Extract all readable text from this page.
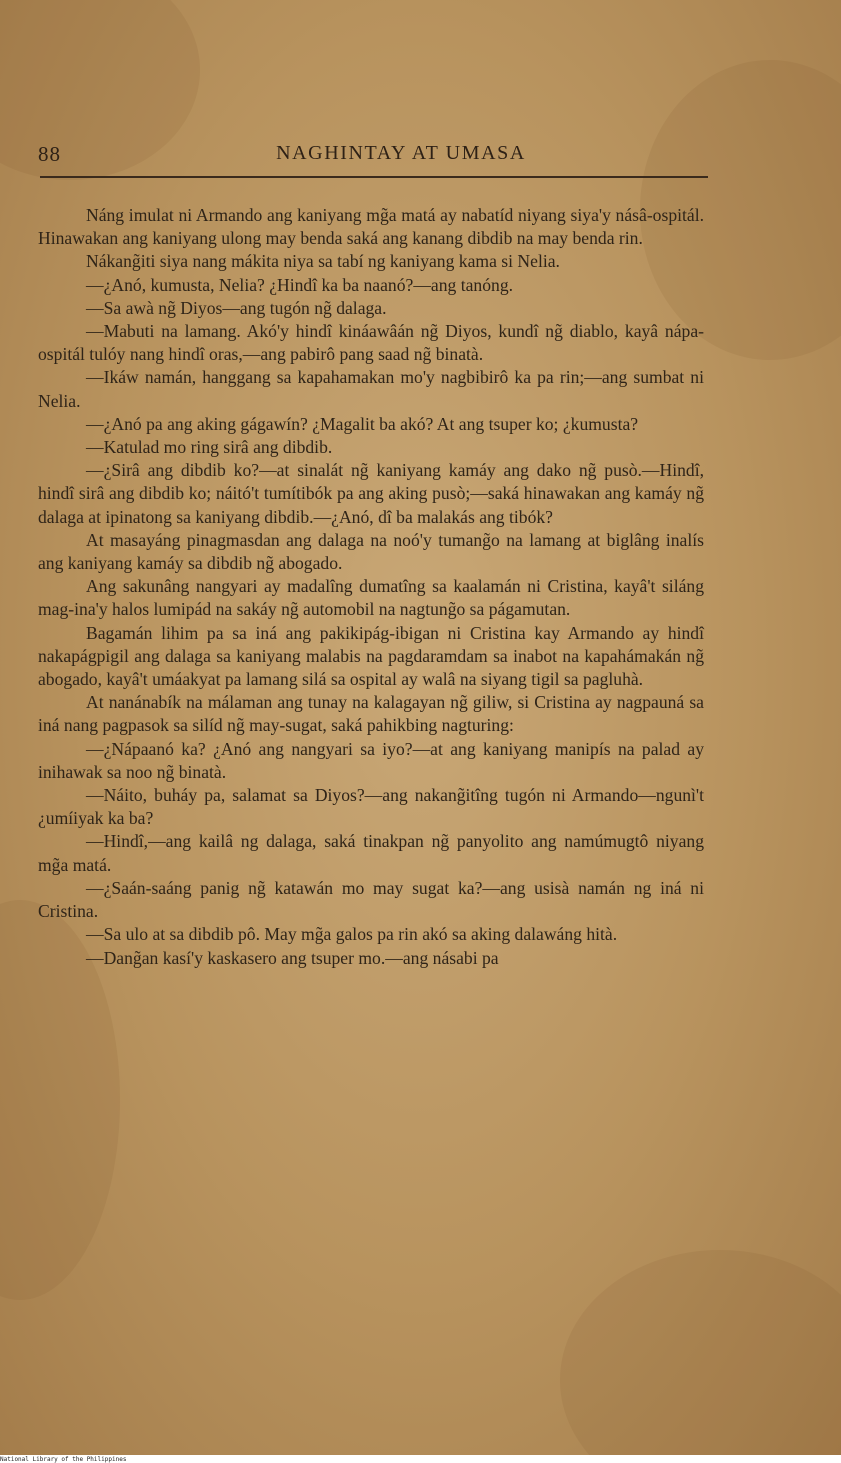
88	NAGHINTAY AT UMASA

Náng imulat ni Armando ang kaniyang mg̃a matá ay nabatíd niyang siya'y násâ-ospitál. Hinawakan ang kaniyang ulong may benda saká ang kanang dibdib na may benda rin.

Nákang̃iti siya nang mákita niya sa tabí ng kaniyang kama si Nelia.

—¿Anó, kumusta, Nelia? ¿Hindî ka ba naanó?—ang tanóng.

—Sa awà ng̃ Diyos—ang tugón ng̃ dalaga.

—Mabuti na lamang. Akó'y hindî kináawâán ng̃ Diyos, kundî ng̃ diablo, kayâ nápa-ospitál tulóy nang hindî oras,—ang pabirô pang saad ng̃ binatà.

—Ikáw namán, hanggang sa kapahamakan mo'y nagbibirô ka pa rin;—ang sumbat ni Nelia.

—¿Anó pa ang aking gágawín? ¿Magalit ba akó? At ang tsuper ko; ¿kumusta?

—Katulad mo ring sirâ ang dibdib.

—¿Sirâ ang dibdib ko?—at sinalát ng̃ kaniyang kamáy ang dako ng̃ pusò.—Hindî, hindî sirâ ang dibdib ko; náitó't tumítibók pa ang aking pusò;—saká hinawakan ang kamáy ng̃ dalaga at ipinatong sa kaniyang dibdib.—¿Anó, dî ba malakás ang tibók?

At masayáng pinagmasdan ang dalaga na noó'y tumang̃o na lamang at biglâng inalís ang kaniyang kamáy sa dibdib ng̃ abogado.

Ang sakunâng nangyari ay madalîng dumatîng sa kaalamán ni Cristina, kayâ't siláng mag-ina'y halos lumipád na sakáy ng̃ automobil na nagtung̃o sa págamutan.

Bagamán lihim pa sa iná ang pakikipág-ibigan ni Cristina kay Armando ay hindî nakapágpigil ang dalaga sa kaniyang malabis na pagdaramdam sa inabot na kapahámakán ng̃ abogado, kayâ't umáakyat pa lamang silá sa ospital ay walâ na siyang tigil sa pagluhà.

At nanánabík na málaman ang tunay na kalagayan ng̃ giliw, si Cristina ay nagpauná sa iná nang pagpasok sa silíd ng̃ may-sugat, saká pahikbing nagturing:

—¿Nápaanó ka? ¿Anó ang nangyari sa iyo?—at ang kaniyang manipís na palad ay inihawak sa noo ng̃ binatà.

—Náito, buháy pa, salamat sa Diyos?—ang nakang̃itîng tugón ni Armando—ngunì't ¿umíiyak ka ba?

—Hindî,—ang kailâ ng dalaga, saká tinakpan ng̃ panyolito ang namúmugtô niyang mg̃a matá.

—¿Saán-saáng panig ng̃ katawán mo may sugat ka?—ang usisà namán ng iná ni Cristina.

—Sa ulo at sa dibdib pô. May mg̃a galos pa rin akó sa aking dalawáng hità.

—Dang̃an kasí'y kaskasero ang tsuper mo.—ang násabi pa

National Library of the Philippines
